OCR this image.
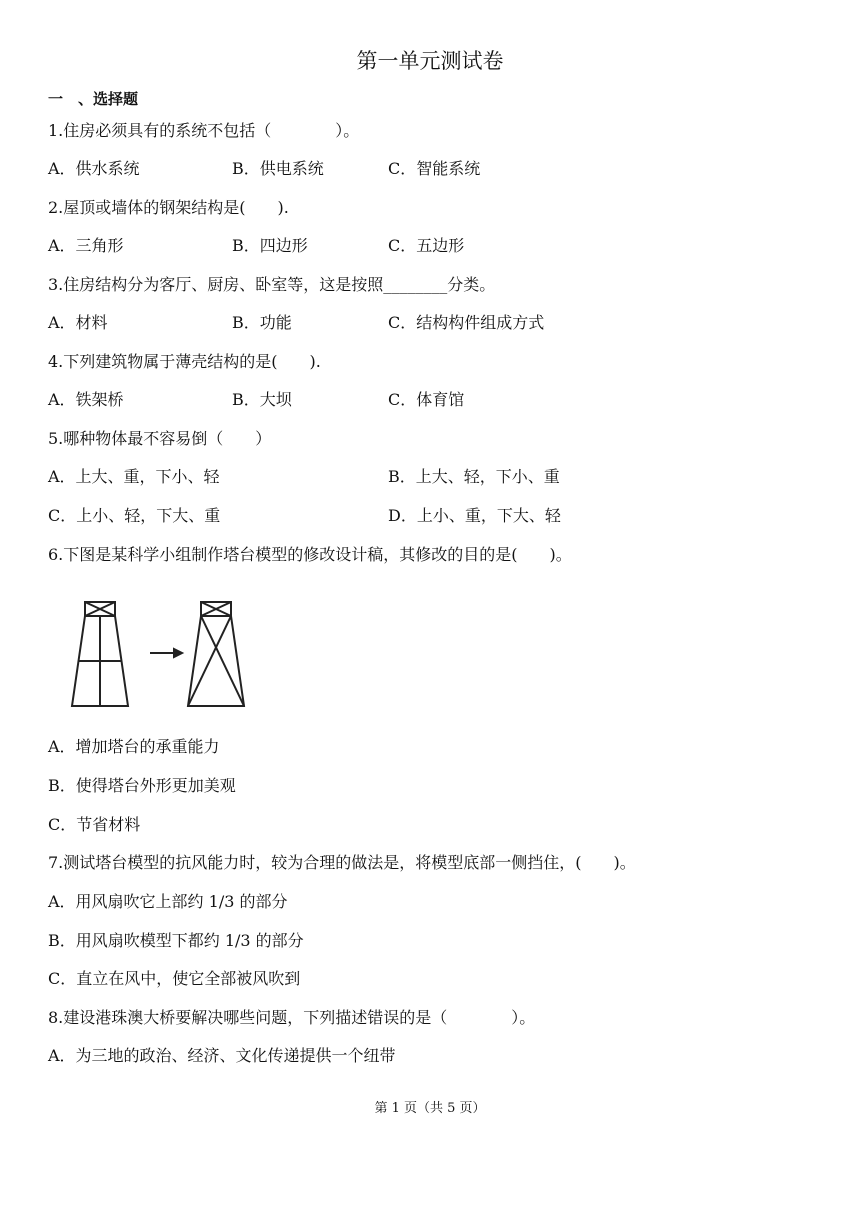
第一单元测试卷
一　、选择题
1.住房必须具有的系统不包括（　　　　）。
A．供水系统	B．供电系统	C．智能系统
2.屋顶或墙体的钢架结构是(　　).
A．三角形	B．四边形	C．五边形
3.住房结构分为客厅、厨房、卧室等，这是按照________分类。
A．材料	B．功能	C．结构构件组成方式
4.下列建筑物属于薄壳结构的是(　　).
A．铁架桥	B．大坝	C．体育馆
5.哪种物体最不容易倒（　　）
A．上大、重，下小、轻	B．上大、轻，下小、重
C．上小、轻，下大、重	D．上小、重，下大、轻
6.下图是某科学小组制作塔台模型的修改设计稿，其修改的目的是(　　)。
A．增加塔台的承重能力
B．使得塔台外形更加美观
C．节省材料
7.测试塔台模型的抗风能力时，较为合理的做法是，将模型底部一侧挡住，(　　)。
A．用风扇吹它上部约 1/3 的部分
B．用风扇吹模型下都约 1/3 的部分
C．直立在风中，使它全部被风吹到
8.建设港珠澳大桥要解决哪些问题，下列描述错误的是（　　　　）。
A．为三地的政治、经济、文化传递提供一个纽带
第 1 页（共 5 页）
